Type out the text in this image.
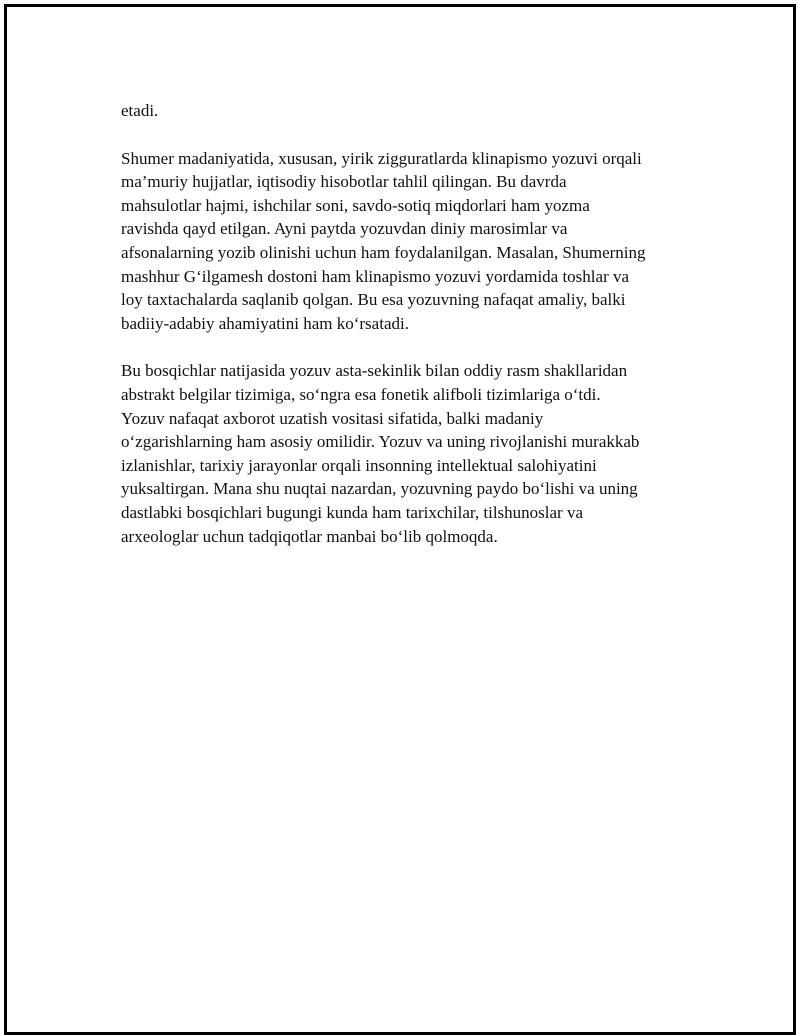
etadi.

Shumer madaniyatida, xususan, yirik zigguratlarda klinapismo yozuvi orqali
ma’muriy hujjatlar, iqtisodiy hisobotlar tahlil qilingan. Bu davrda
mahsulotlar hajmi, ishchilar soni, savdo-sotiq miqdorlari ham yozma
ravishda qayd etilgan. Ayni paytda yozuvdan diniy marosimlar va
afsonalarning yozib olinishi uchun ham foydalanilgan. Masalan, Shumerning
mashhur G‘ilgamesh dostoni ham klinapismo yozuvi yordamida toshlar va
loy taxtachalarda saqlanib qolgan. Bu esa yozuvning nafaqat amaliy, balki
badiiy-adabiy ahamiyatini ham ko‘rsatadi.

Bu bosqichlar natijasida yozuv asta-sekinlik bilan oddiy rasm shakllaridan
abstrakt belgilar tizimiga, so‘ngra esa fonetik alifboli tizimlariga o‘tdi.
Yozuv nafaqat axborot uzatish vositasi sifatida, balki madaniy
o‘zgarishlarning ham asosiy omilidir. Yozuv va uning rivojlanishi murakkab
izlanishlar, tarixiy jarayonlar orqali insonning intellektual salohiyatini
yuksaltirgan. Mana shu nuqtai nazardan, yozuvning paydo bo‘lishi va uning
dastlabki bosqichlari bugungi kunda ham tarixchilar, tilshunoslar va
arxeologlar uchun tadqiqotlar manbai bo‘lib qolmoqda.
